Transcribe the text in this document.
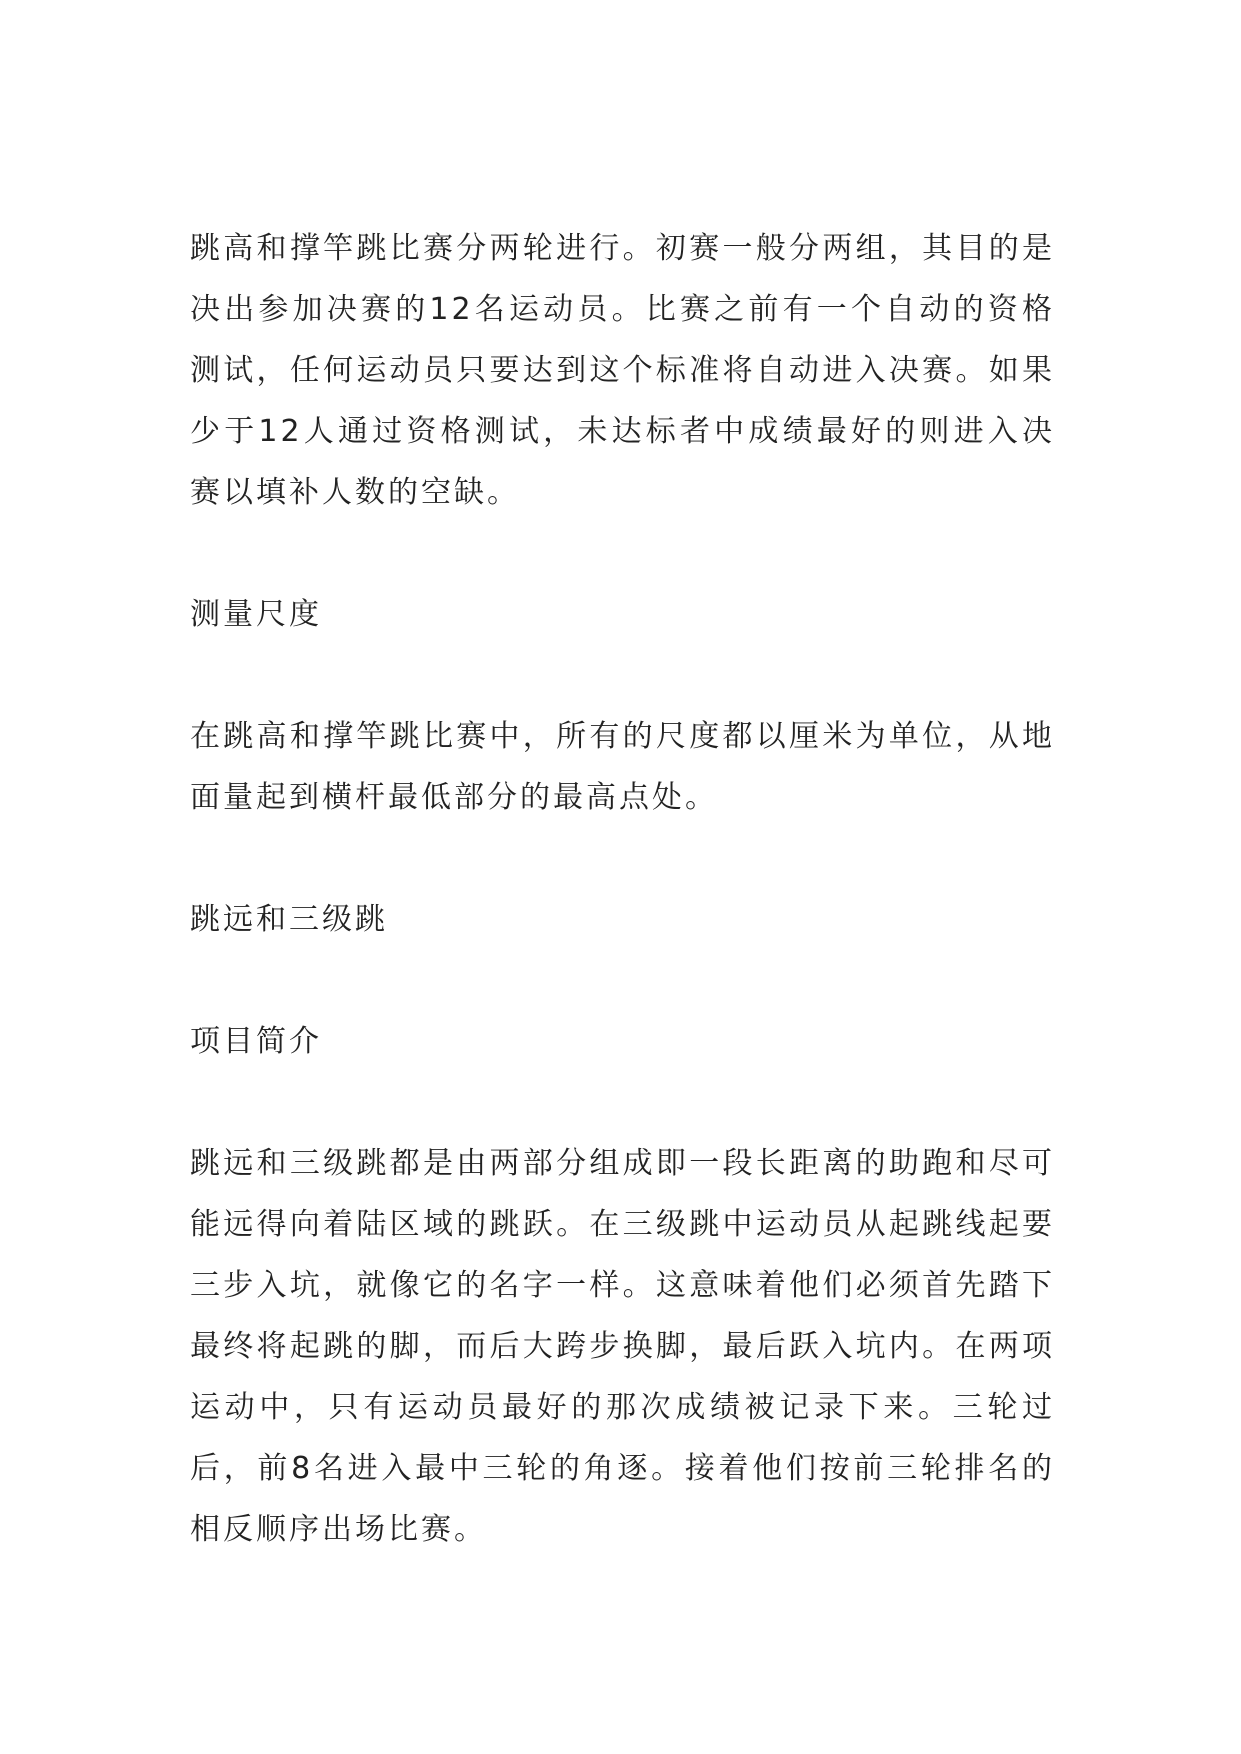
跳高和撑竿跳比赛分两轮进行。初赛一般分两组，其目的是决出参加决赛的12名运动员。比赛之前有一个自动的资格测试，任何运动员只要达到这个标准将自动进入决赛。如果少于12人通过资格测试，未达标者中成绩最好的则进入决赛以填补人数的空缺。

测量尺度

在跳高和撑竿跳比赛中，所有的尺度都以厘米为单位，从地面量起到横杆最低部分的最高点处。

跳远和三级跳

项目简介

跳远和三级跳都是由两部分组成即一段长距离的助跑和尽可能远得向着陆区域的跳跃。在三级跳中运动员从起跳线起要三步入坑，就像它的名字一样。这意味着他们必须首先踏下最终将起跳的脚，而后大跨步换脚，最后跃入坑内。在两项运动中，只有运动员最好的那次成绩被记录下来。三轮过后，前8名进入最中三轮的角逐。接着他们按前三轮排名的相反顺序出场比赛。
